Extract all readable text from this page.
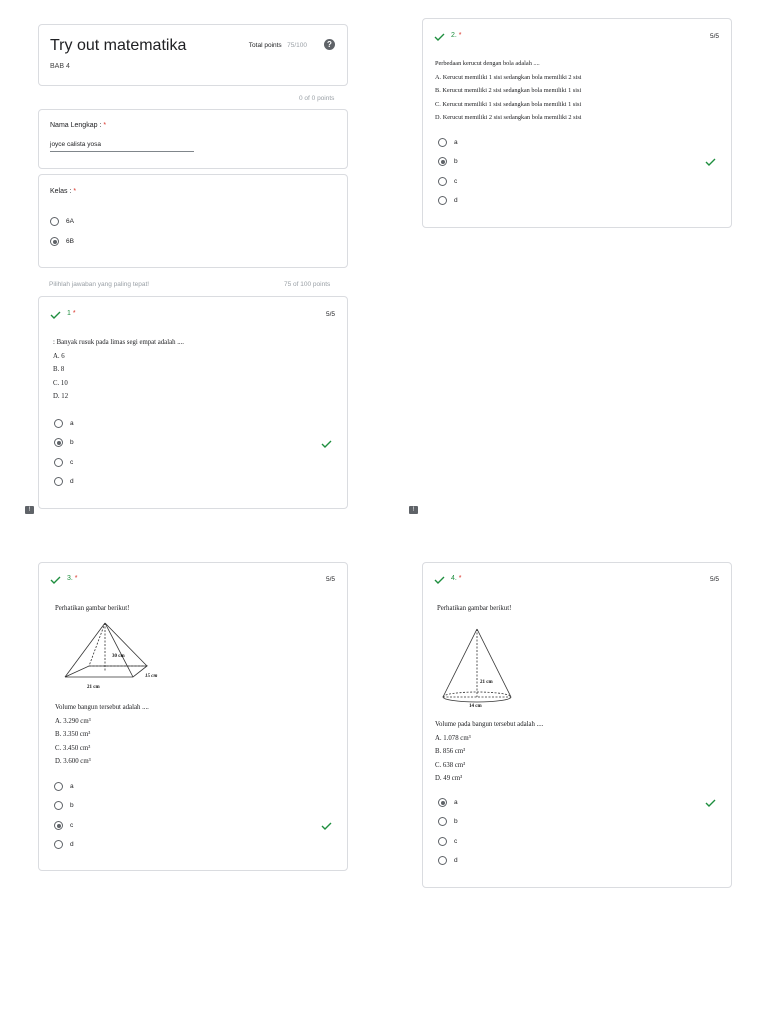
Try out matematika
BAB 4
Total points 75/100	?
0 of 0 points
Nama Lengkap : *
joyce calista yosa
Kelas : *
6A
6B
Pilihlah jawaban yang paling tepat!	75 of 100 points
1 *	5/5
: Banyak rusuk pada limas segi empat adalah ....
A. 6
B. 8
C. 10
D. 12
a
b
c
d
!
2. *	5/5
Perbedaan kerucut dengan bola adalah ....
A. Kerucut memiliki 1 sisi sedangkan bola memiliki 2 sisi
B. Kerucut memiliki 2 sisi sedangkan bola memiliki 1 sisi
C. Kerucut memiliki 1 sisi sedangkan bola memiliki 1 sisi
D. Kerucut memiliki 2 sisi sedangkan bola memiliki 2 sisi
a
b
c
d
!
3. *	5/5
Perhatikan gambar berikut!
30 cm
15 cm
21 cm
Volume bangun tersebut adalah ....
A. 3.290 cm³
B. 3.350 cm³
C. 3.450 cm³
D. 3.600 cm³
a
b
c
d
4. *	5/5
Perhatikan gambar berikut!
21 cm
14 cm
Volume pada bangun tersebut adalah ....
A. 1.078 cm³
B. 856 cm³
C. 638 cm³
D. 49 cm³
a
b
c
d
